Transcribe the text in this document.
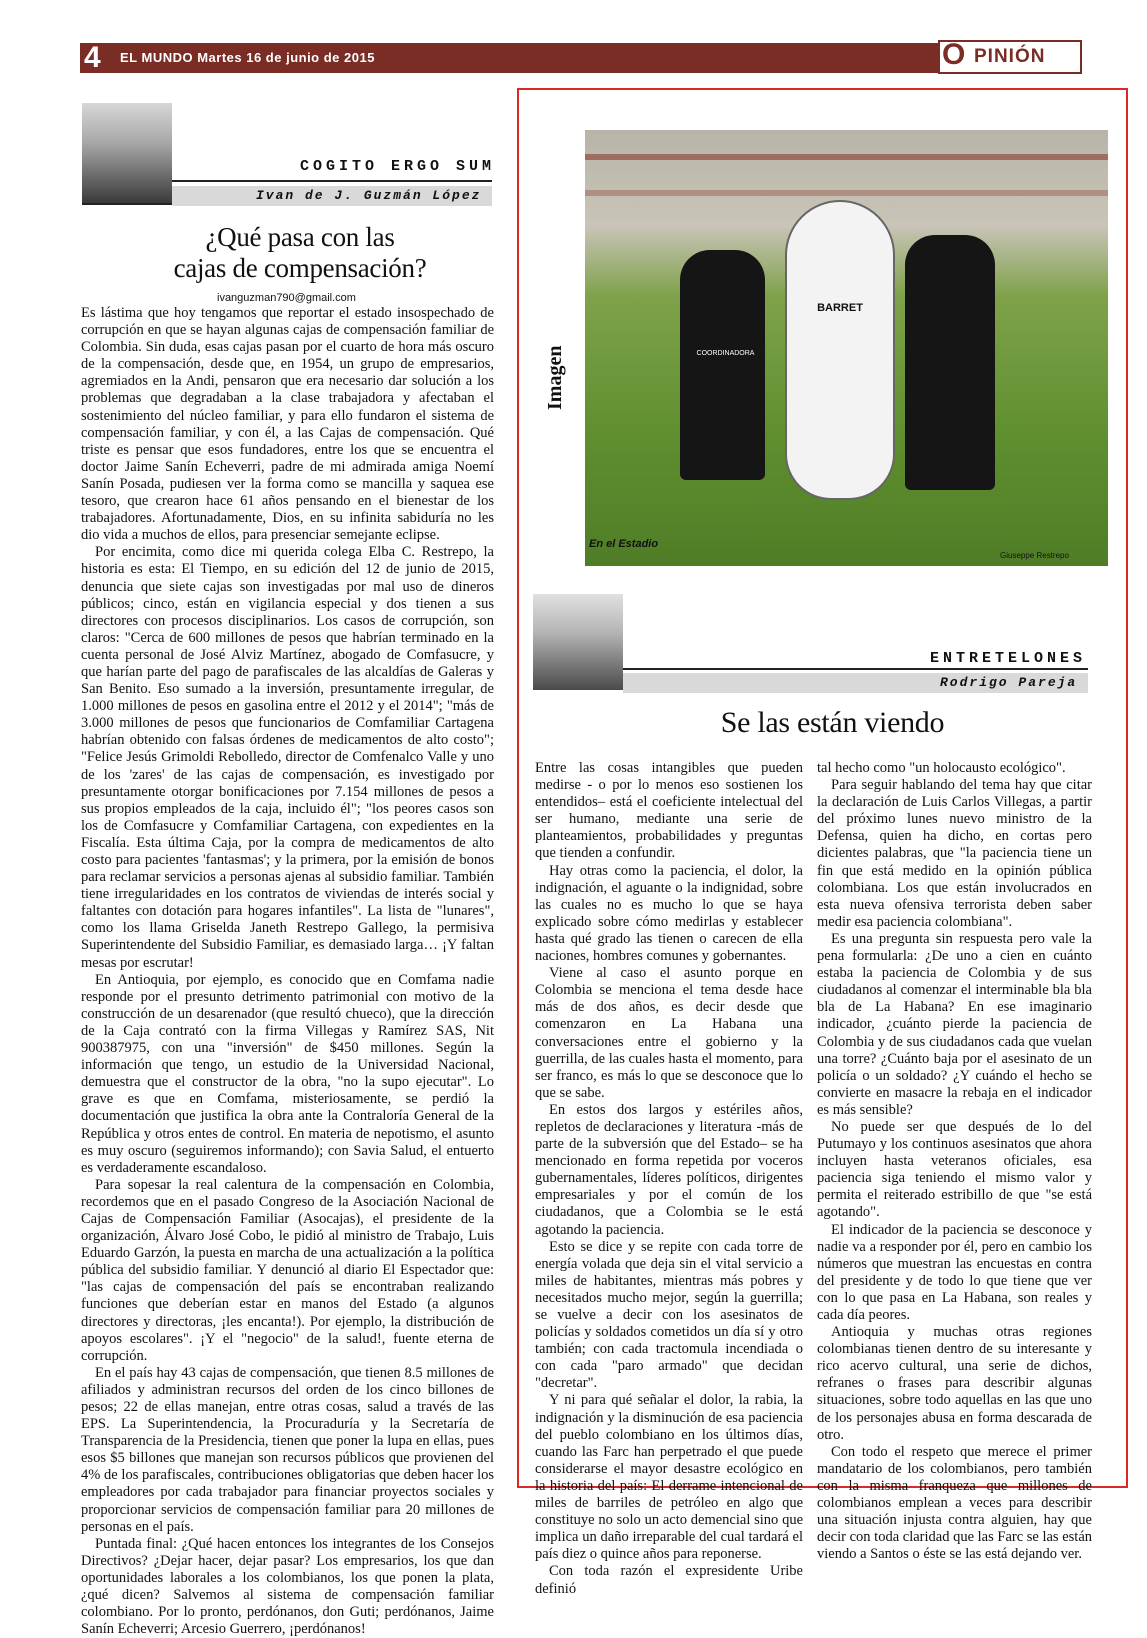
4 EL MUNDO Martes 16 de junio de 2015	O PINIÓN
COGITO ERGO SUM
Ivan de J. Guzmán López
¿Qué pasa con las
cajas de compensación?
ivanguzman790@gmail.com

Es lástima que hoy tengamos que reportar el estado insospechado de corrupción en que se hayan algunas cajas de compensación familiar de Colombia. Sin duda, esas cajas pasan por el cuarto de hora más oscuro de la compensación, desde que, en 1954, un grupo de empresarios, agremiados en la Andi, pensaron que era necesario dar solución a los problemas que degradaban a la clase trabajadora y afectaban el sostenimiento del núcleo familiar, y para ello fundaron el sistema de compensación familiar, y con él, a las Cajas de compensación. Qué triste es pensar que esos fundadores, entre los que se encuentra el doctor Jaime Sanín Echeverri, padre de mi admirada amiga Noemí Sanín Posada, pudiesen ver la forma como se mancilla y saquea ese tesoro, que crearon hace 61 años pensando en el bienestar de los trabajadores. Afortunadamente, Dios, en su infinita sabiduría no les dio vida a muchos de ellos, para presenciar semejante eclipse.

Por encimita, como dice mi querida colega Elba C. Restrepo, la historia es esta: El Tiempo, en su edición del 12 de junio de 2015, denuncia que siete cajas son investigadas por mal uso de dineros públicos; cinco, están en vigilancia especial y dos tienen a sus directores con procesos disciplinarios. Los casos de corrupción, son claros: "Cerca de 600 millones de pesos que habrían terminado en la cuenta personal de José Alviz Martínez, abogado de Comfasucre, y que harían parte del pago de parafiscales de las alcaldías de Galeras y San Benito. Eso sumado a la inversión, presuntamente irregular, de 1.000 millones de pesos en gasolina entre el 2012 y el 2014"; "más de 3.000 millones de pesos que funcionarios de Comfamiliar Cartagena habrían obtenido con falsas órdenes de medicamentos de alto costo"; "Felice Jesús Grimoldi Rebolledo, director de Comfenalco Valle y uno de los 'zares' de las cajas de compensación, es investigado por presuntamente otorgar bonificaciones por 7.154 millones de pesos a sus propios empleados de la caja, incluido él"; "los peores casos son los de Comfasucre y Comfamiliar Cartagena, con expedientes en la Fiscalía. Esta última Caja, por la compra de medicamentos de alto costo para pacientes 'fantasmas'; y la primera, por la emisión de bonos para reclamar servicios a personas ajenas al subsidio familiar. También tiene irregularidades en los contratos de viviendas de interés social y faltantes con dotación para hogares infantiles". La lista de "lunares", como los llama Griselda Janeth Restrepo Gallego, la permisiva Superintendente del Subsidio Familiar, es demasiado larga… ¡Y faltan mesas por escrutar!

En Antioquia, por ejemplo, es conocido que en Comfama nadie responde por el presunto detrimento patrimonial con motivo de la construcción de un desarenador (que resultó chueco), que la dirección de la Caja contrató con la firma Villegas y Ramírez SAS, Nit 900387975, con una "inversión" de $450 millones. Según la información que tengo, un estudio de la Universidad Nacional, demuestra que el constructor de la obra, "no la supo ejecutar". Lo grave es que en Comfama, misteriosamente, se perdió la documentación que justifica la obra ante la Contraloría General de la República y otros entes de control. En materia de nepotismo, el asunto es muy oscuro (seguiremos informando); con Savia Salud, el entuerto es verdaderamente escandaloso.

Para sopesar la real calentura de la compensación en Colombia, recordemos que en el pasado Congreso de la Asociación Nacional de Cajas de Compensación Familiar (Asocajas), el presidente de la organización, Álvaro José Cobo, le pidió al ministro de Trabajo, Luis Eduardo Garzón, la puesta en marcha de una actualización a la política pública del subsidio familiar. Y denunció al diario El Espectador que: "las cajas de compensación del país se encontraban realizando funciones que deberían estar en manos del Estado (a algunos directores y directoras, ¡les encanta!). Por ejemplo, la distribución de apoyos escolares". ¡Y el "negocio" de la salud!, fuente eterna de corrupción.

En el país hay 43 cajas de compensación, que tienen 8.5 millones de afiliados y administran recursos del orden de los cinco billones de pesos; 22 de ellas manejan, entre otras cosas, salud a través de las EPS. La Superintendencia, la Procuraduría y la Secretaría de Transparencia de la Presidencia, tienen que poner la lupa en ellas, pues esos $5 billones que manejan son recursos públicos que provienen del 4% de los parafiscales, contribuciones obligatorias que deben hacer los empleadores por cada trabajador para financiar proyectos sociales y proporcionar servicios de compensación familiar para 20 millones de personas en el país.

Puntada final: ¿Qué hacen entonces los integrantes de los Consejos Directivos? ¿Dejar hacer, dejar pasar? Los empresarios, los que dan oportunidades laborales a los colombianos, los que ponen la plata, ¿qué dicen? Salvemos al sistema de compensación familiar colombiano. Por lo pronto, perdónanos, don Guti; perdónanos, Jaime Sanín Echeverri; Arcesio Guerrero, ¡perdónanos!

Imagen
BARRET
COORDINADORA
En el Estadio
Giuseppe Restrepo
ENTRETELONES
Rodrigo Pareja
Se las están viendo

Entre las cosas intangibles que pueden medirse - o por lo menos eso sostienen los entendidos– está el coeficiente intelectual del ser humano, mediante una serie de planteamientos, probabilidades y preguntas que tienden a confundir.

Hay otras como la paciencia, el dolor, la indignación, el aguante o la indignidad, sobre las cuales no es mucho lo que se haya explicado sobre cómo medirlas y establecer hasta qué grado las tienen o carecen de ella naciones, hombres comunes y gobernantes.

Viene al caso el asunto porque en Colombia se menciona el tema desde hace más de dos años, es decir desde que comenzaron en La Habana una conversaciones entre el gobierno y la guerrilla, de las cuales hasta el momento, para ser franco, es más lo que se desconoce que lo que se sabe.

En estos dos largos y estériles años, repletos de declaraciones y literatura -más de parte de la subversión que del Estado– se ha mencionado en forma repetida por voceros gubernamentales, líderes políticos, dirigentes empresariales y por el común de los ciudadanos, que a Colombia se le está agotando la paciencia.

Esto se dice y se repite con cada torre de energía volada que deja sin el vital servicio a miles de habitantes, mientras más pobres y necesitados mucho mejor, según la guerrilla; se vuelve a decir con los asesinatos de policías y soldados cometidos un día sí y otro también; con cada tractomula incendiada o con cada "paro armado" que decidan "decretar".

Y ni para qué señalar el dolor, la rabia, la indignación y la disminución de esa paciencia del pueblo colombiano en los últimos días, cuando las Farc han perpetrado el que puede considerarse el mayor desastre ecológico en la historia del país: El derrame intencional de miles de barriles de petróleo en algo que constituye no solo un acto demencial sino que implica un daño irreparable del cual tardará el país diez o quince años para reponerse.

Con toda razón el expresidente Uribe definió

tal hecho como "un holocausto ecológico".

Para seguir hablando del tema hay que citar la declaración de Luis Carlos Villegas, a partir del próximo lunes nuevo ministro de la Defensa, quien ha dicho, en cortas pero dicientes palabras, que "la paciencia tiene un fin que está medido en la opinión pública colombiana. Los que están involucrados en esta nueva ofensiva terrorista deben saber medir esa paciencia colombiana".

Es una pregunta sin respuesta pero vale la pena formularla: ¿De uno a cien en cuánto estaba la paciencia de Colombia y de sus ciudadanos al comenzar el interminable bla bla bla de La Habana? En ese imaginario indicador, ¿cuánto pierde la paciencia de Colombia y de sus ciudadanos cada que vuelan una torre? ¿Cuánto baja por el asesinato de un policía o un soldado? ¿Y cuándo el hecho se convierte en masacre la rebaja en el indicador es más sensible?

No puede ser que después de lo del Putumayo y los continuos asesinatos que ahora incluyen hasta veteranos oficiales, esa paciencia siga teniendo el mismo valor y permita el reiterado estribillo de que "se está agotando".

El indicador de la paciencia se desconoce y nadie va a responder por él, pero en cambio los números que muestran las encuestas en contra del presidente y de todo lo que tiene que ver con lo que pasa en La Habana, son reales y cada día peores.

Antioquia y muchas otras regiones colombianas tienen dentro de su interesante y rico acervo cultural, una serie de dichos, refranes o frases para describir algunas situaciones, sobre todo aquellas en las que uno de los personajes abusa en forma descarada de otro.

Con todo el respeto que merece el primer mandatario de los colombianos, pero también con la misma franqueza que millones de colombianos emplean a veces para describir una situación injusta contra alguien, hay que decir con toda claridad que las Farc se las están viendo a Santos o éste se las está dejando ver.
